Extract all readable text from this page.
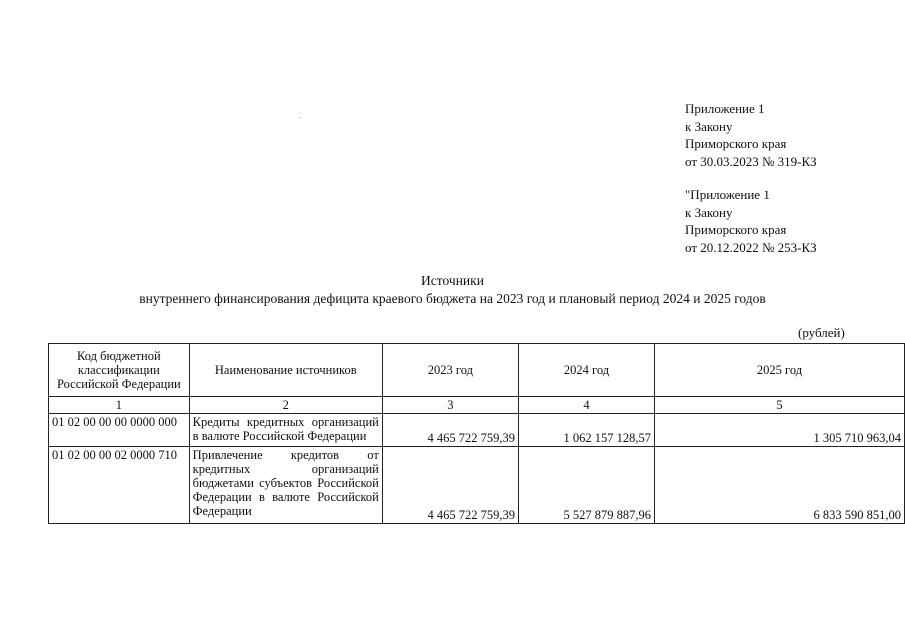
Приложение 1
к Закону
Приморского края
от 30.03.2023 № 319-КЗ
"Приложение 1
к Закону
Приморского края
от 20.12.2022 № 253-КЗ
Источники
внутреннего финансирования дефицита краевого бюджета на 2023 год и плановый период 2024 и 2025 годов
(рублей)
Код бюджетной классификации Российской Федерации	Наименование источников	2023 год	2024 год	2025 год
1	2	3	4	5
01 02 00 00 00 0000 000	Кредиты кредитных организаций в валюте Российской Федерации	4 465 722 759,39	1 062 157 128,57	1 305 710 963,04
01 02 00 00 02 0000 710	Привлечение кредитов от кредитных организаций бюджетами субъектов Российской Федерации в валюте Российской Федерации	4 465 722 759,39	5 527 879 887,96	6 833 590 851,00
